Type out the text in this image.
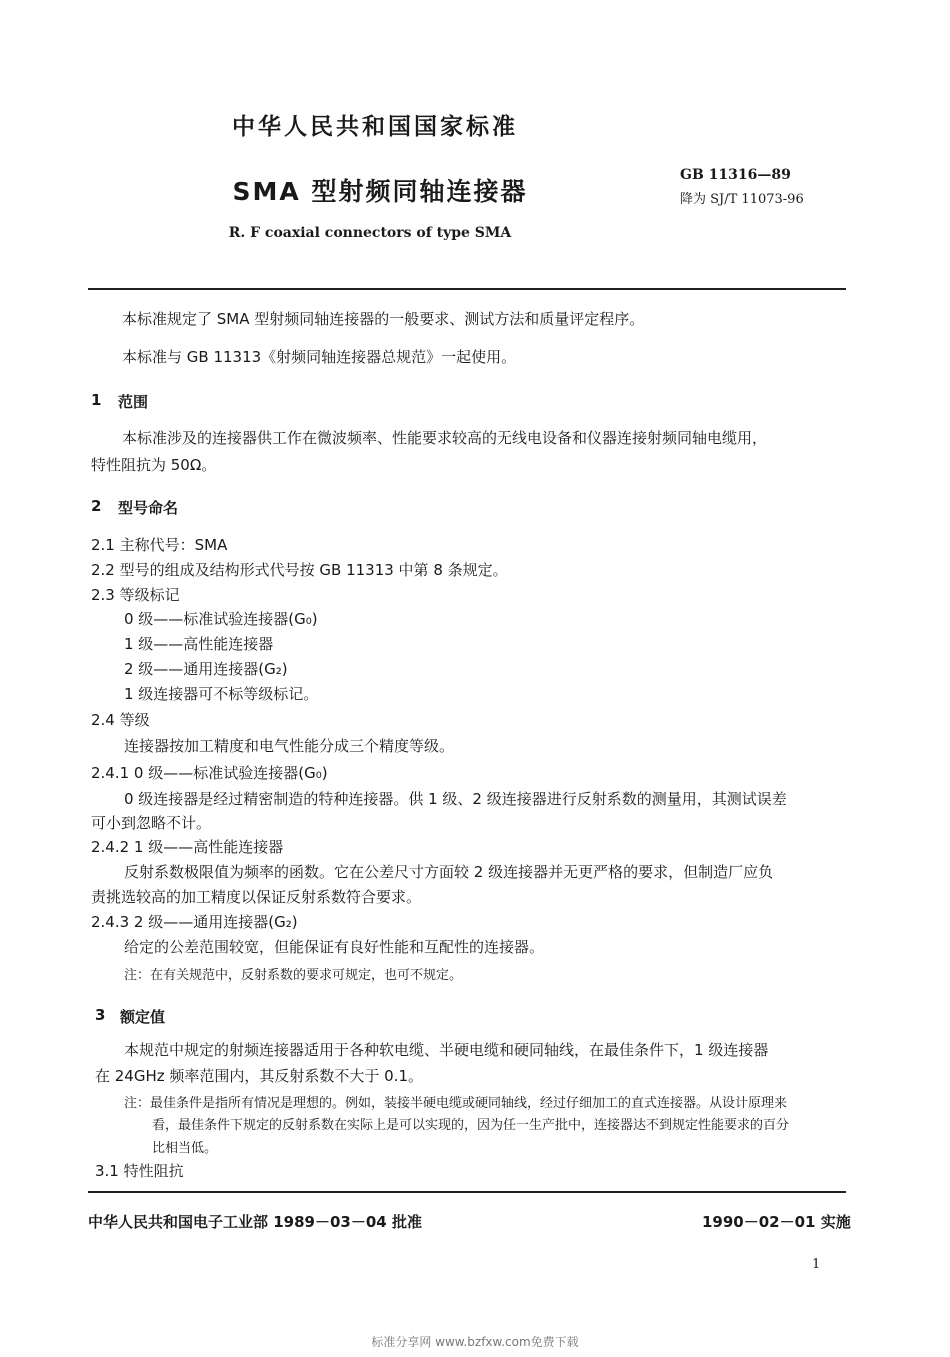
中华人民共和国国家标准
SMA 型射频同轴连接器
GB 11316—89
降为 SJ/T 11073-96
R. F coaxial connectors of type SMA
本标准规定了 SMA 型射频同轴连接器的一般要求、测试方法和质量评定程序。
本标准与 GB 11313《射频同轴连接器总规范》一起使用。
1 范围
本标准涉及的连接器供工作在微波频率、性能要求较高的无线电设备和仪器连接射频同轴电缆用，
特性阻抗为 50Ω。
2 型号命名
2.1 主称代号：SMA
2.2 型号的组成及结构形式代号按 GB 11313 中第 8 条规定。
2.3 等级标记
0 级——标准试验连接器(G₀)
1 级——高性能连接器
2 级——通用连接器(G₂)
1 级连接器可不标等级标记。
2.4 等级
连接器按加工精度和电气性能分成三个精度等级。
2.4.1 0 级——标准试验连接器(G₀)
0 级连接器是经过精密制造的特种连接器。供 1 级、2 级连接器进行反射系数的测量用，其测试误差
可小到忽略不计。
2.4.2 1 级——高性能连接器
反射系数极限值为频率的函数。它在公差尺寸方面较 2 级连接器并无更严格的要求，但制造厂应负
责挑选较高的加工精度以保证反射系数符合要求。
2.4.3 2 级——通用连接器(G₂)
给定的公差范围较宽，但能保证有良好性能和互配性的连接器。
注：在有关规范中，反射系数的要求可规定，也可不规定。
3 额定值
本规范中规定的射频连接器适用于各种软电缆、半硬电缆和硬同轴线，在最佳条件下，1 级连接器
在 24GHz 频率范围内，其反射系数不大于 0.1。
注：最佳条件是指所有情况是理想的。例如，装接半硬电缆或硬同轴线，经过仔细加工的直式连接器。从设计原理来
看，最佳条件下规定的反射系数在实际上是可以实现的，因为任一生产批中，连接器达不到规定性能要求的百分
比相当低。
3.1 特性阻抗
中华人民共和国电子工业部 1989－03－04 批准	1990－02－01 实施
1
标准分享网 www.bzfxw.com免费下载
